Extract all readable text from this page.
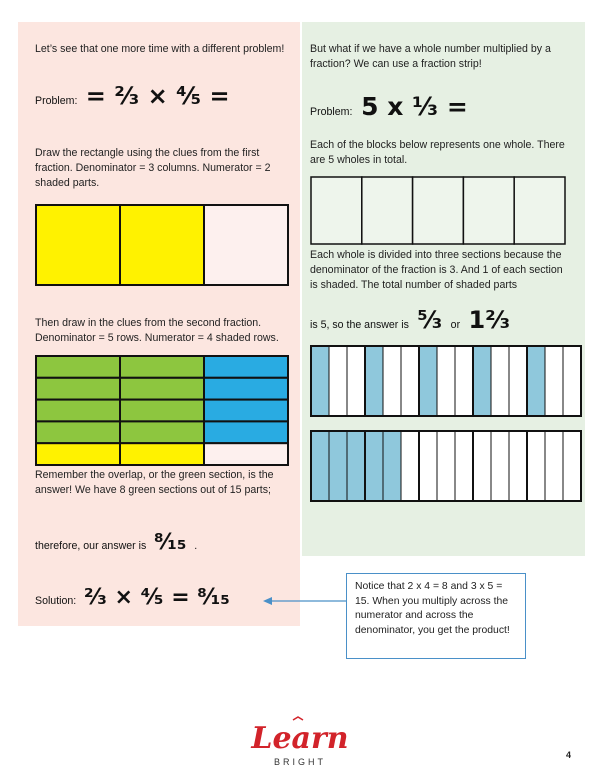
Let’s see that one more time with a different problem!
Problem: = ²⁄₃ × ⁴⁄₅ =
Draw the rectangle using the clues from the first fraction. Denominator = 3 columns. Numerator = 2 shaded parts.
Then draw in the clues from the second fraction. Denominator = 5 rows. Numerator = 4 shaded rows.
Remember the overlap, or the green section, is the answer! We have 8 green sections out of 15 parts;
therefore, our answer is ⁸⁄₁₅ .
Solution: ²⁄₃ × ⁴⁄₅ = ⁸⁄₁₅
But what if we have a whole number multiplied by a fraction? We can use a fraction strip!
Problem: 5 x ¹⁄₃ =
Each of the blocks below represents one whole. There are 5 wholes in total.
Each whole is divided into three sections because the denominator of the fraction is 3. And 1 of each section is shaded. The total number of shaded parts
is 5, so the answer is ⁵⁄₃ or 1²⁄₃
Notice that 2 x 4 = 8 and 3 x 5 = 15. When you multiply across the numerator and across the denominator, you get the product!
Learn
BRIGHT
4
